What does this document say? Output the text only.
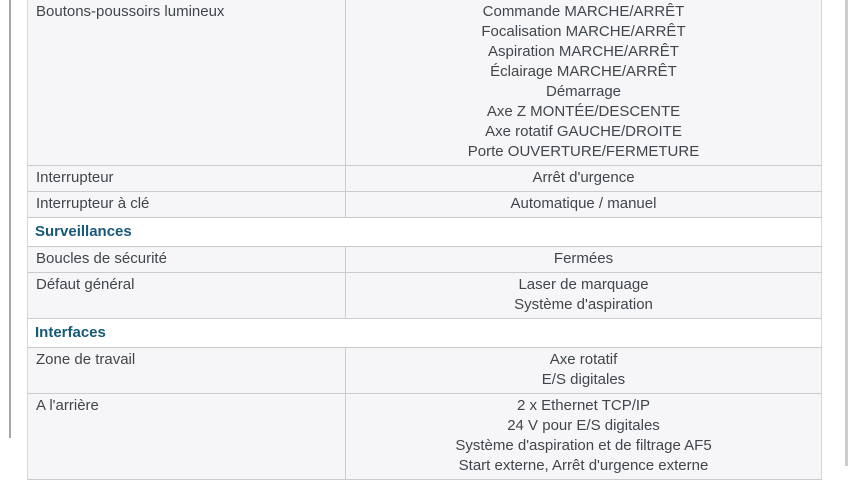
Boutons-poussoirs lumineux	Commande MARCHE/ARRÊT
Focalisation MARCHE/ARRÊT
Aspiration MARCHE/ARRÊT
Éclairage MARCHE/ARRÊT
Démarrage
Axe Z MONTÉE/DESCENTE
Axe rotatif GAUCHE/DROITE
Porte OUVERTURE/FERMETURE

Interrupteur	Arrêt d'urgence

Interrupteur à clé	Automatique / manuel

Surveillances	
Boucles de sécurité	Fermées

Défaut général	Laser de marquage
Système d'aspiration

Interfaces	
Zone de travail	Axe rotatif
E/S digitales

A l'arrière	2 x Ethernet TCP/IP
24 V pour E/S digitales
Système d'aspiration et de filtrage AF5
Start externe, Arrêt d'urgence externe
